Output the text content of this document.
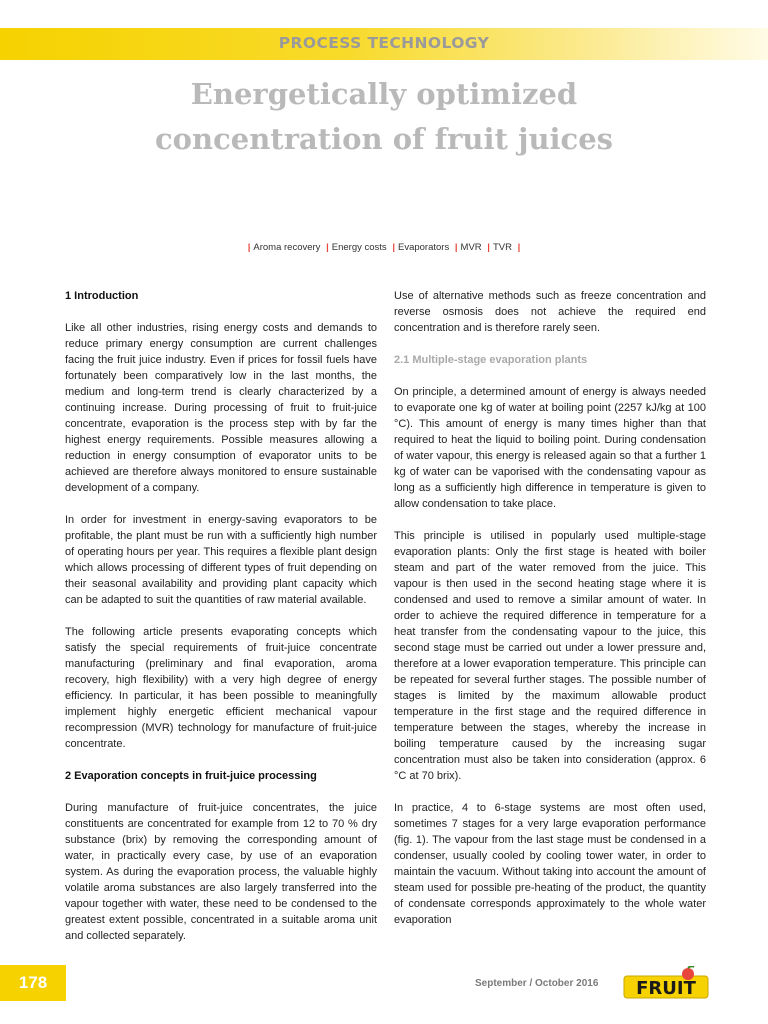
PROCESS TECHNOLOGY
Energetically optimized
concentration of fruit juices
| Aroma recovery | Energy costs | Evaporators | MVR | TVR |
1 Introduction

Like all other industries, rising energy costs and demands to reduce primary energy consumption are current challenges facing the fruit juice industry. Even if prices for fossil fuels have fortunately been comparatively low in the last months, the medium and long-term trend is clearly characterized by a continuing increase. During processing of fruit to fruit-juice concentrate, evaporation is the process step with by far the highest energy requirements. Possible measures allowing a reduction in energy consumption of evaporator units to be achieved are therefore always monitored to ensure sustainable development of a company.

In order for investment in energy-saving evaporators to be profitable, the plant must be run with a sufficiently high number of operating hours per year. This requires a flexible plant design which allows processing of different types of fruit depending on their seasonal availability and providing plant capacity which can be adapted to suit the quantities of raw material available.

The following article presents evaporating concepts which satisfy the special requirements of fruit-juice concentrate manufacturing (preliminary and final evaporation, aroma recovery, high flexibility) with a very high degree of energy efficiency. In particular, it has been possible to meaningfully implement highly energetic efficient mechanical vapour recompression (MVR) technology for manufacture of fruit-juice concentrate.

2 Evaporation concepts in fruit-juice processing

During manufacture of fruit-juice concentrates, the juice constituents are concentrated for example from 12 to 70 % dry substance (brix) by removing the corresponding amount of water, in practically every case, by use of an evaporation system. As during the evaporation process, the valuable highly volatile aroma substances are also largely transferred into the vapour together with water, these need to be condensed to the greatest extent possible, concentrated in a suitable aroma unit and collected separately.

Use of alternative methods such as freeze concentration and reverse osmosis does not achieve the required end concentration and is therefore rarely seen.

2.1 Multiple-stage evaporation plants

On principle, a determined amount of energy is always needed to evaporate one kg of water at boiling point (2257 kJ/kg at 100 °C). This amount of energy is many times higher than that required to heat the liquid to boiling point. During condensation of water vapour, this energy is released again so that a further 1 kg of water can be vaporised with the condensating vapour as long as a sufficiently high difference in temperature is given to allow condensation to take place.

This principle is utilised in popularly used multiple-stage evaporation plants: Only the first stage is heated with boiler steam and part of the water removed from the juice. This vapour is then used in the second heating stage where it is condensed and used to remove a similar amount of water. In order to achieve the required difference in temperature for a heat transfer from the condensating vapour to the juice, this second stage must be carried out under a lower pressure and, therefore at a lower evaporation temperature. This principle can be repeated for several further stages. The possible number of stages is limited by the maximum allowable product temperature in the first stage and the required difference in temperature between the stages, whereby the increase in boiling temperature caused by the increasing sugar concentration must also be taken into consideration (approx. 6 °C at 70 brix).

In practice, 4 to 6-stage systems are most often used, sometimes 7 stages for a very large evaporation performance (fig. 1). The vapour from the last stage must be condensed in a condenser, usually cooled by cooling tower water, in order to maintain the vacuum. Without taking into account the amount of steam used for possible pre-heating of the product, the quantity of condensate corresponds approximately to the whole water evaporation

178	September / October 2016 FRUIT
